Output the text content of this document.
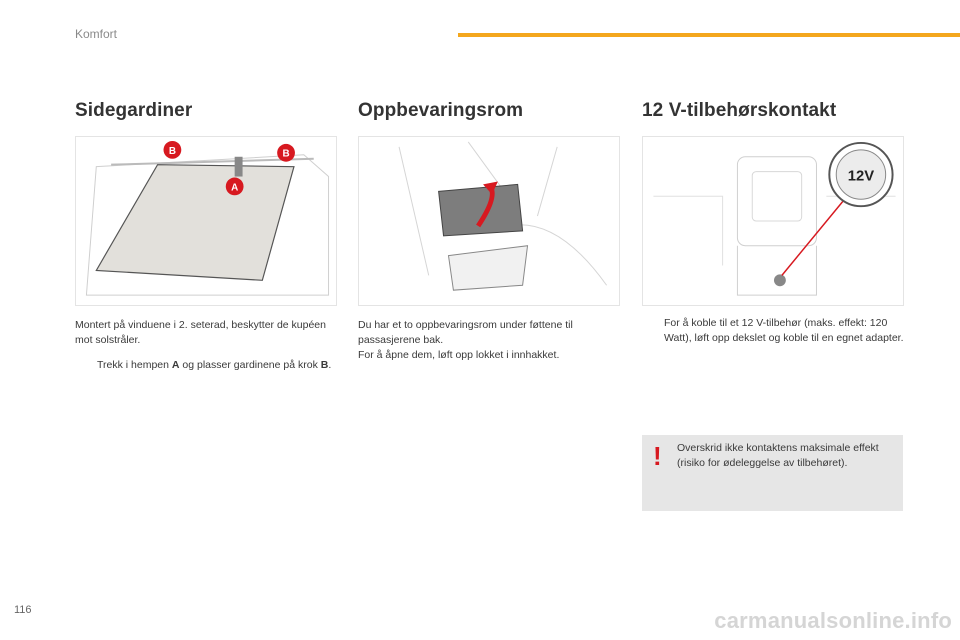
Komfort
Sidegardiner
B	B
A

Montert på vinduene i 2. seterad, beskytter de kupéen mot solstråler.

Trekk i hempen A og plasser gardinene på krok B.

Oppbevaringsrom

Du har et to oppbevaringsrom under føttene til passasjerene bak.
For å åpne dem, løft opp lokket i innhakket.

12 V-tilbehørskontakt
12V

For å koble til et 12 V-tilbehør (maks. effekt: 120 Watt), løft opp dekslet og koble til en egnet adapter.

! Overskrid ikke kontaktens maksimale effekt (risiko for ødeleggelse av tilbehøret).
116	carmanualsonline.info
